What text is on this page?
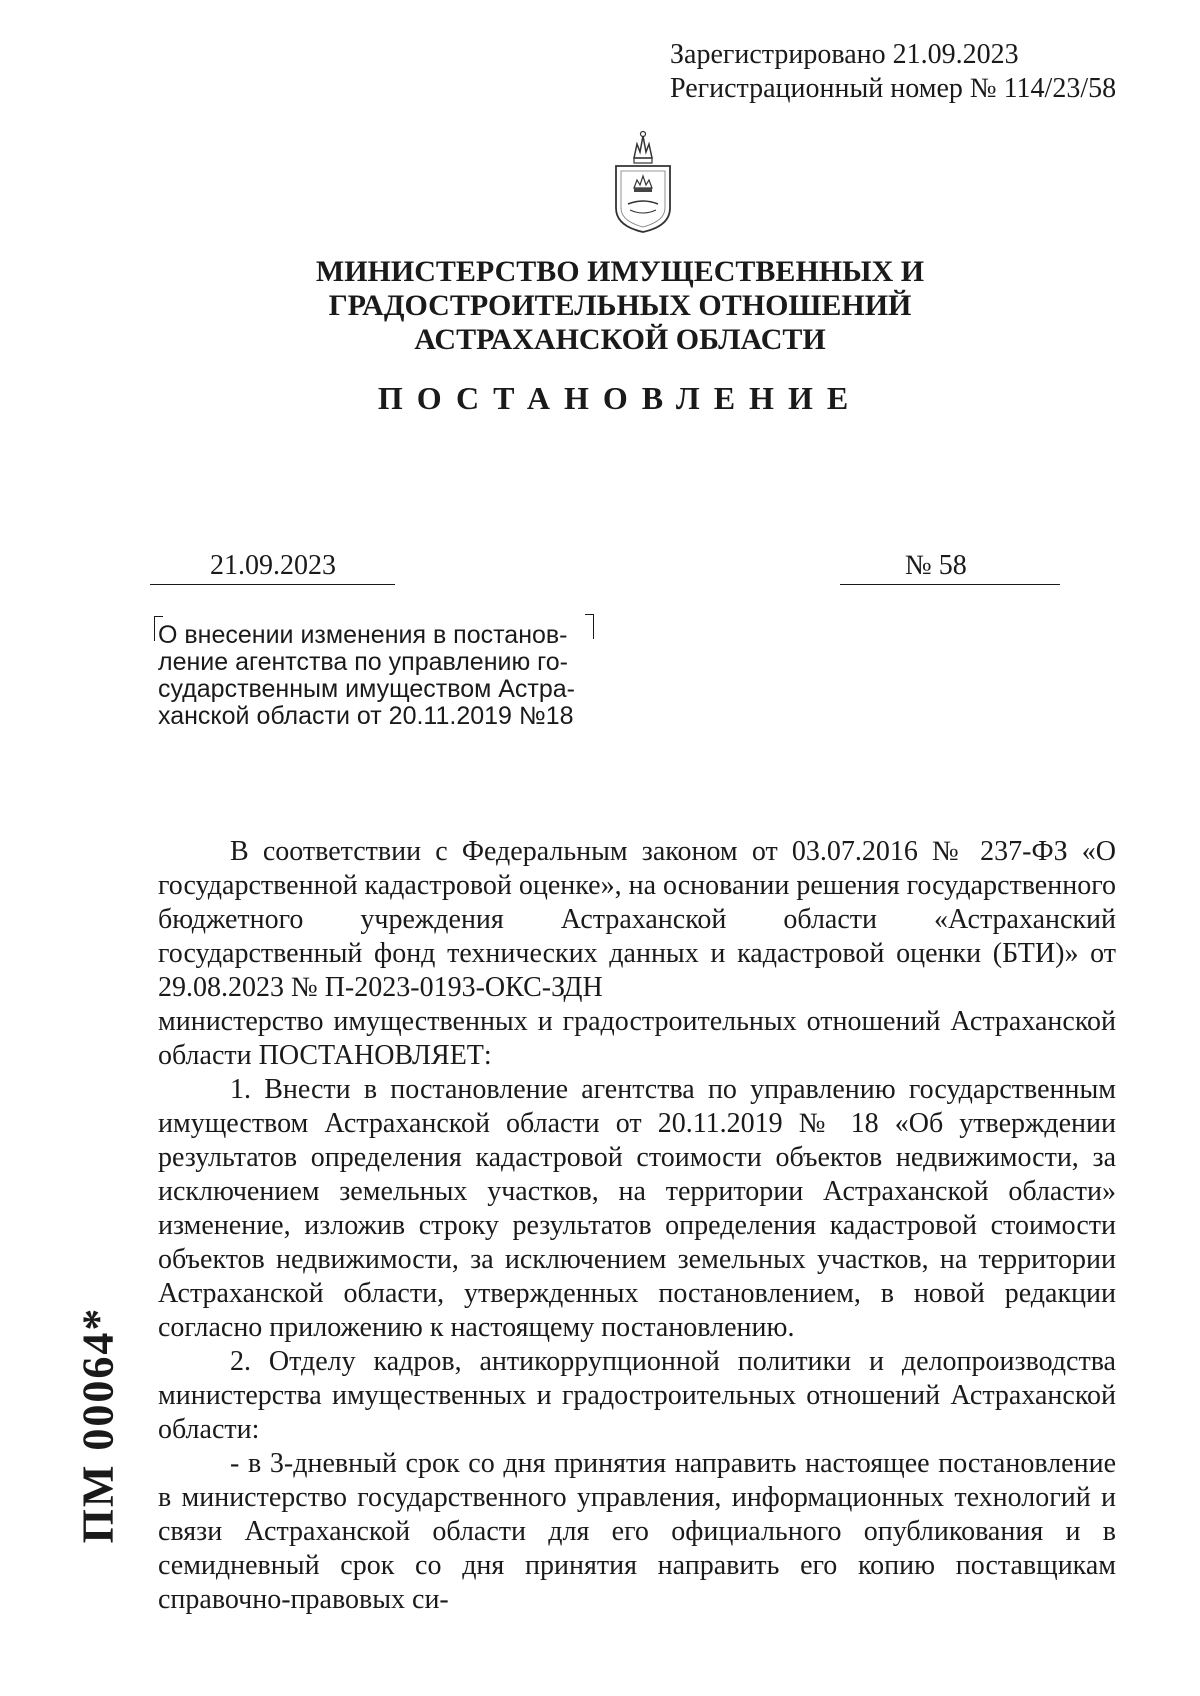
Зарегистрировано 21.09.2023
Регистрационный номер № 114/23/58
МИНИСТЕРСТВО ИМУЩЕСТВЕННЫХ И
ГРАДОСТРОИТЕЛЬНЫХ ОТНОШЕНИЙ
АСТРАХАНСКОЙ ОБЛАСТИ
ПОСТАНОВЛЕНИЕ
21.09.2023	№ 58
О внесении изменения в постанов-
ление агентства по управлению го-
сударственным имуществом Астра-
ханской области от 20.11.2019 №18

В соответствии с Федеральным законом от 03.07.2016 № 237-ФЗ «О государственной кадастровой оценке», на основании решения государственного бюджетного учреждения Астраханской области «Астраханский государственный фонд технических данных и кадастровой оценки (БТИ)» от 29.08.2023 № П-2023-0193-ОКС-ЗДН

министерство имущественных и градостроительных отношений Астраханской области ПОСТАНОВЛЯЕТ:

1. Внести в постановление агентства по управлению государственным имуществом Астраханской области от 20.11.2019 № 18 «Об утверждении результатов определения кадастровой стоимости объектов недвижимости, за исключением земельных участков, на территории Астраханской области» изменение, изложив строку результатов определения кадастровой стоимости объектов недвижимости, за исключением земельных участков, на территории Астраханской области, утвержденных постановлением, в новой редакции согласно приложению к настоящему постановлению.

2. Отделу кадров, антикоррупционной политики и делопроизводства министерства имущественных и градостроительных отношений Астраханской области:

- в 3-дневный срок со дня принятия направить настоящее постановление в министерство государственного управления, информационных технологий и связи Астраханской области для его официального опубликования и в семидневный срок со дня принятия направить его копию поставщикам справочно-правовых си-

ПМ 00064*
